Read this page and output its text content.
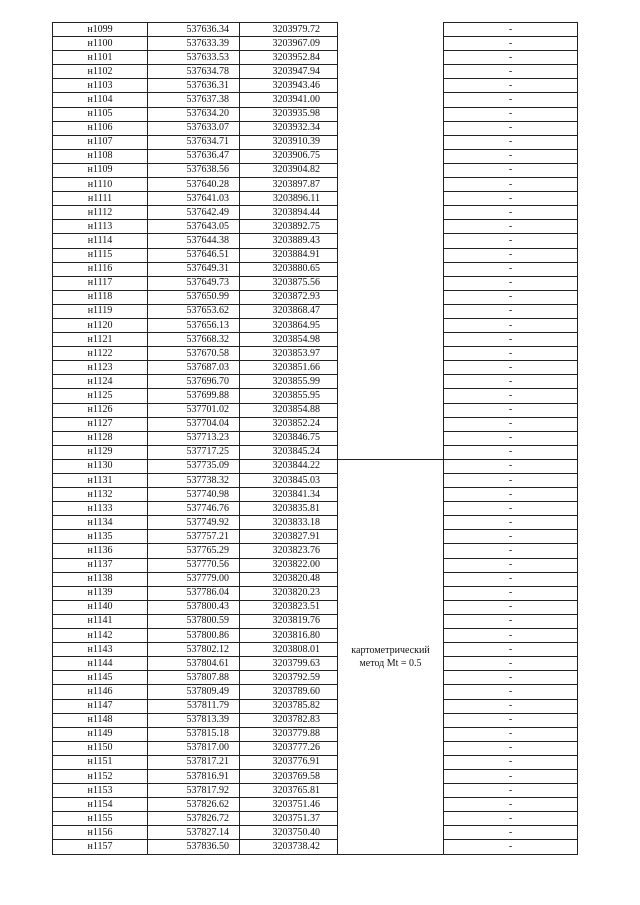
н1099	537636.34	3203979.72		-
н1100	537633.39	3203967.09		-
н1101	537633.53	3203952.84		-
н1102	537634.78	3203947.94		-
н1103	537636.31	3203943.46		-
н1104	537637.38	3203941.00		-
н1105	537634.20	3203935.98		-
н1106	537633.07	3203932.34		-
н1107	537634.71	3203910.39		-
н1108	537636.47	3203906.75		-
н1109	537638.56	3203904.82		-
н1110	537640.28	3203897.87		-
н1111	537641.03	3203896.11		-
н1112	537642.49	3203894.44		-
н1113	537643.05	3203892.75		-
н1114	537644.38	3203889.43		-
н1115	537646.51	3203884.91		-
н1116	537649.31	3203880.65		-
н1117	537649.73	3203875.56		-
н1118	537650.99	3203872.93		-
н1119	537653.62	3203868.47		-
н1120	537656.13	3203864.95		-
н1121	537668.32	3203854.98		-
н1122	537670.58	3203853.97		-
н1123	537687.03	3203851.66		-
н1124	537696.70	3203855.99		-
н1125	537699.88	3203855.95		-
н1126	537701.02	3203854.88		-
н1127	537704.04	3203852.24		-
н1128	537713.23	3203846.75		-
н1129	537717.25	3203845.24		-
н1130	537735.09	3203844.22	картометрический
метод Mt = 0.5	-
н1131	537738.32	3203845.03		-
н1132	537740.98	3203841.34		-
н1133	537746.76	3203835.81		-
н1134	537749.92	3203833.18		-
н1135	537757.21	3203827.91		-
н1136	537765.29	3203823.76		-
н1137	537770.56	3203822.00		-
н1138	537779.00	3203820.48		-
н1139	537786.04	3203820.23		-
н1140	537800.43	3203823.51		-
н1141	537800.59	3203819.76		-
н1142	537800.86	3203816.80		-
н1143	537802.12	3203808.01		-
н1144	537804.61	3203799.63		-
н1145	537807.88	3203792.59		-
н1146	537809.49	3203789.60		-
н1147	537811.79	3203785.82		-
н1148	537813.39	3203782.83		-
н1149	537815.18	3203779.88		-
н1150	537817.00	3203777.26		-
н1151	537817.21	3203776.91		-
н1152	537816.91	3203769.58		-
н1153	537817.92	3203765.81		-
н1154	537826.62	3203751.46		-
н1155	537826.72	3203751.37		-
н1156	537827.14	3203750.40		-
н1157	537836.50	3203738.42		-
